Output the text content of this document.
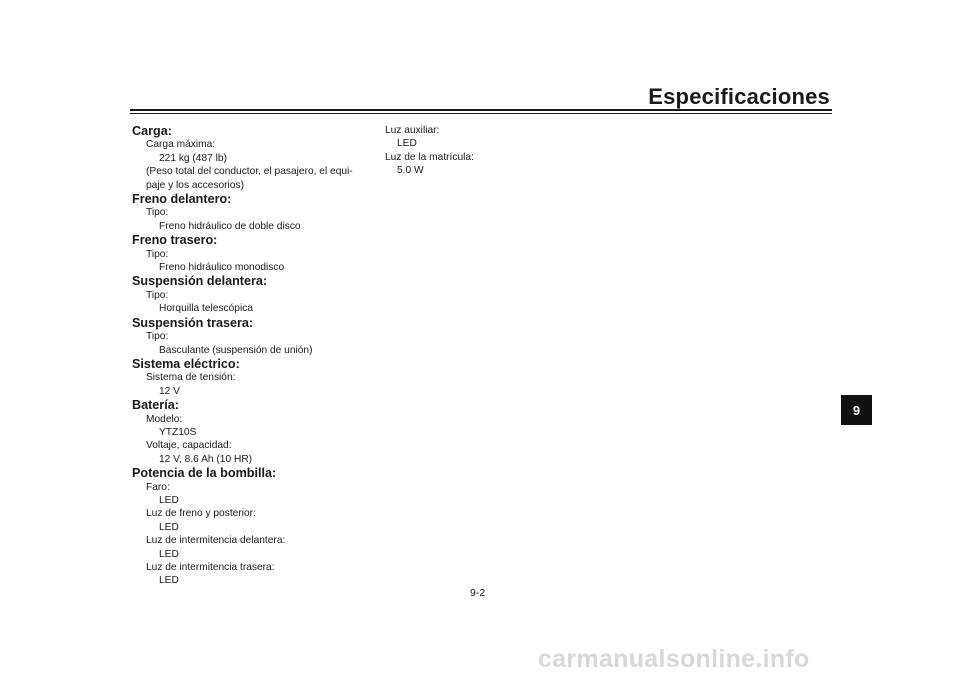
Especificaciones
Carga:
Carga máxima:
221 kg (487 lb)
(Peso total del conductor, el pasajero, el equi-
paje y los accesorios)
Freno delantero:
Tipo:
Freno hidráulico de doble disco
Freno trasero:
Tipo:
Freno hidráulico monodisco
Suspensión delantera:
Tipo:
Horquilla telescópica
Suspensión trasera:
Tipo:
Basculante (suspensión de unión)
Sistema eléctrico:
Sistema de tensión:
12 V
Batería:
Modelo:
YTZ10S
Voltaje, capacidad:
12 V, 8.6 Ah (10 HR)
Potencia de la bombilla:
Faro:
LED
Luz de freno y posterior:
LED
Luz de intermitencia delantera:
LED
Luz de intermitencia trasera:
LED
Luz auxiliar:
LED
Luz de la matrícula:
5.0 W
9
9-2
carmanualsonline.info
